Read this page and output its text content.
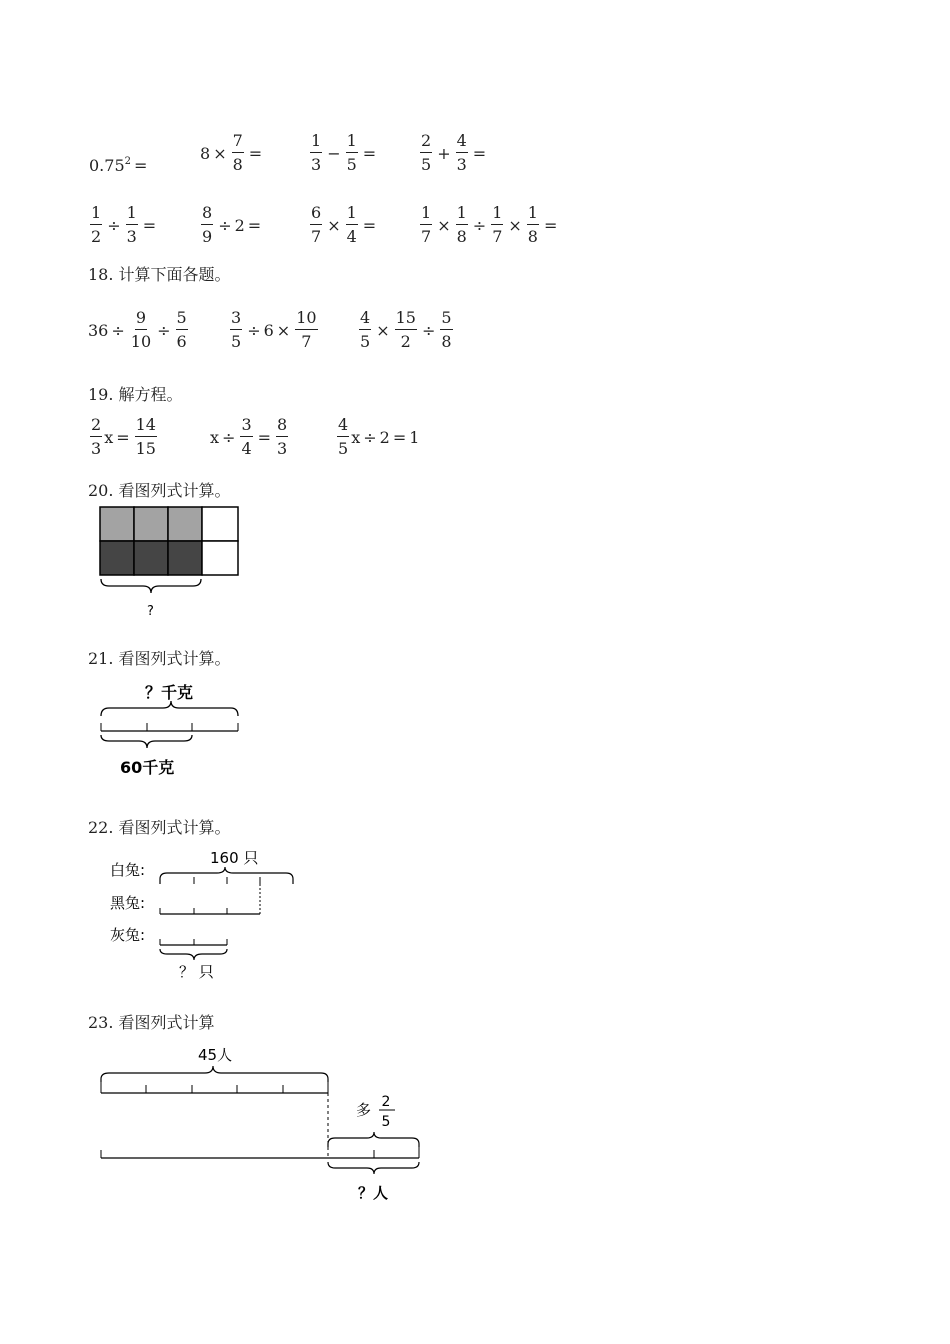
$0.75^2$ =
$8 \times \frac{7}{8}$ =	$\frac{1}{3} - \frac{1}{5}$ =	$\frac{2}{5} + \frac{4}{3}$ =
$\frac{1}{2} \div \frac{1}{3}$ =	$\frac{8}{9} \div 2$ =	$\frac{6}{7} \times \frac{1}{4}$ =	$\frac{1}{7} \times \frac{1}{8} \div \frac{1}{7} \times \frac{1}{8}$ =
18. 计算下面各题。
$36 \div \frac{9}{10} \div \frac{5}{6}$	$\frac{3}{5} \div 6 \times \frac{10}{7}$	$\frac{4}{5} \times \frac{15}{2} \div \frac{5}{8}$
19. 解方程。
$\frac{2}{3}$ $x = \frac{14}{15}$	$x \div \frac{3}{4} = \frac{8}{3}$	$\frac{4}{5}$ x ÷ 2 = 1
20. 看图列式计算。
?
21. 看图列式计算。
？千克
60千克
22. 看图列式计算。
白兔:
黑兔:
灰兔:
160 只
？ 只
23. 看图列式计算
45人
多 2
5
？人
